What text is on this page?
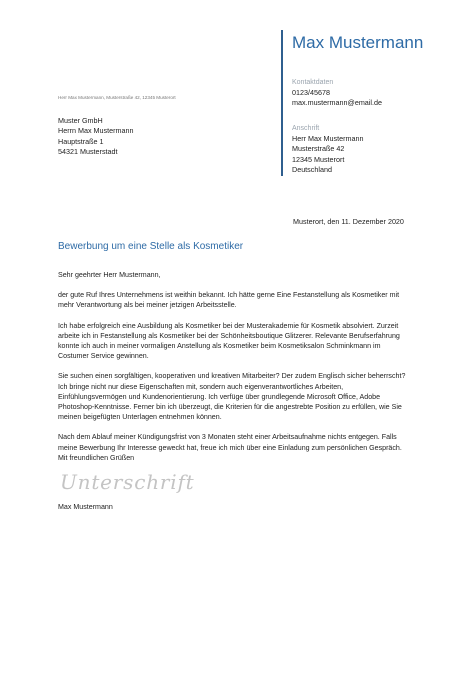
Max Mustermann
Kontaktdaten
0123/45678
max.mustermann@email.de
Anschrift
Herr Max Mustermann
Musterstraße 42
12345 Musterort
Deutschland
Herr Max Mustermann, Musterstraße 42, 12345 Musterort
Muster GmbH
Herrn Max Mustermann
Hauptstraße 1
54321 Musterstadt
Musterort, den 11. Dezember 2020
Bewerbung um eine Stelle als Kosmetiker

Sehr geehrter Herr Mustermann,

der gute Ruf Ihres Unternehmens ist weithin bekannt. Ich hätte gerne Eine Festanstellung als Kosmetiker mit
mehr Verantwortung als bei meiner jetzigen Arbeitsstelle.

Ich habe erfolgreich eine Ausbildung als Kosmetiker bei der Musterakademie für Kosmetik absolviert. Zurzeit
arbeite ich in Festanstellung als Kosmetiker bei der Schönheitsboutique Glitzerer. Relevante Berufserfahrung
konnte ich auch in meiner vormaligen Anstellung als Kosmetiker beim Kosmetiksalon Schminkmann im
Costumer Service gewinnen.

Sie suchen einen sorgfältigen, kooperativen und kreativen Mitarbeiter? Der zudem Englisch sicher beherrscht?
Ich bringe nicht nur diese Eigenschaften mit, sondern auch eigenverantwortliches Arbeiten,
Einfühlungsvermögen und Kundenorientierung. Ich verfüge über grundlegende Microsoft Office, Adobe
Photoshop-Kenntnisse. Ferner bin ich überzeugt, die Kriterien für die angestrebte Position zu erfüllen, wie Sie
meinen beigefügten Unterlagen entnehmen können.

Nach dem Ablauf meiner Kündigungsfrist von 3 Monaten steht einer Arbeitsaufnahme nichts entgegen. Falls
meine Bewerbung Ihr Interesse geweckt hat, freue ich mich über eine Einladung zum persönlichen Gespräch.

Mit freundlichen Grüßen
Unterschrift
Max Mustermann
